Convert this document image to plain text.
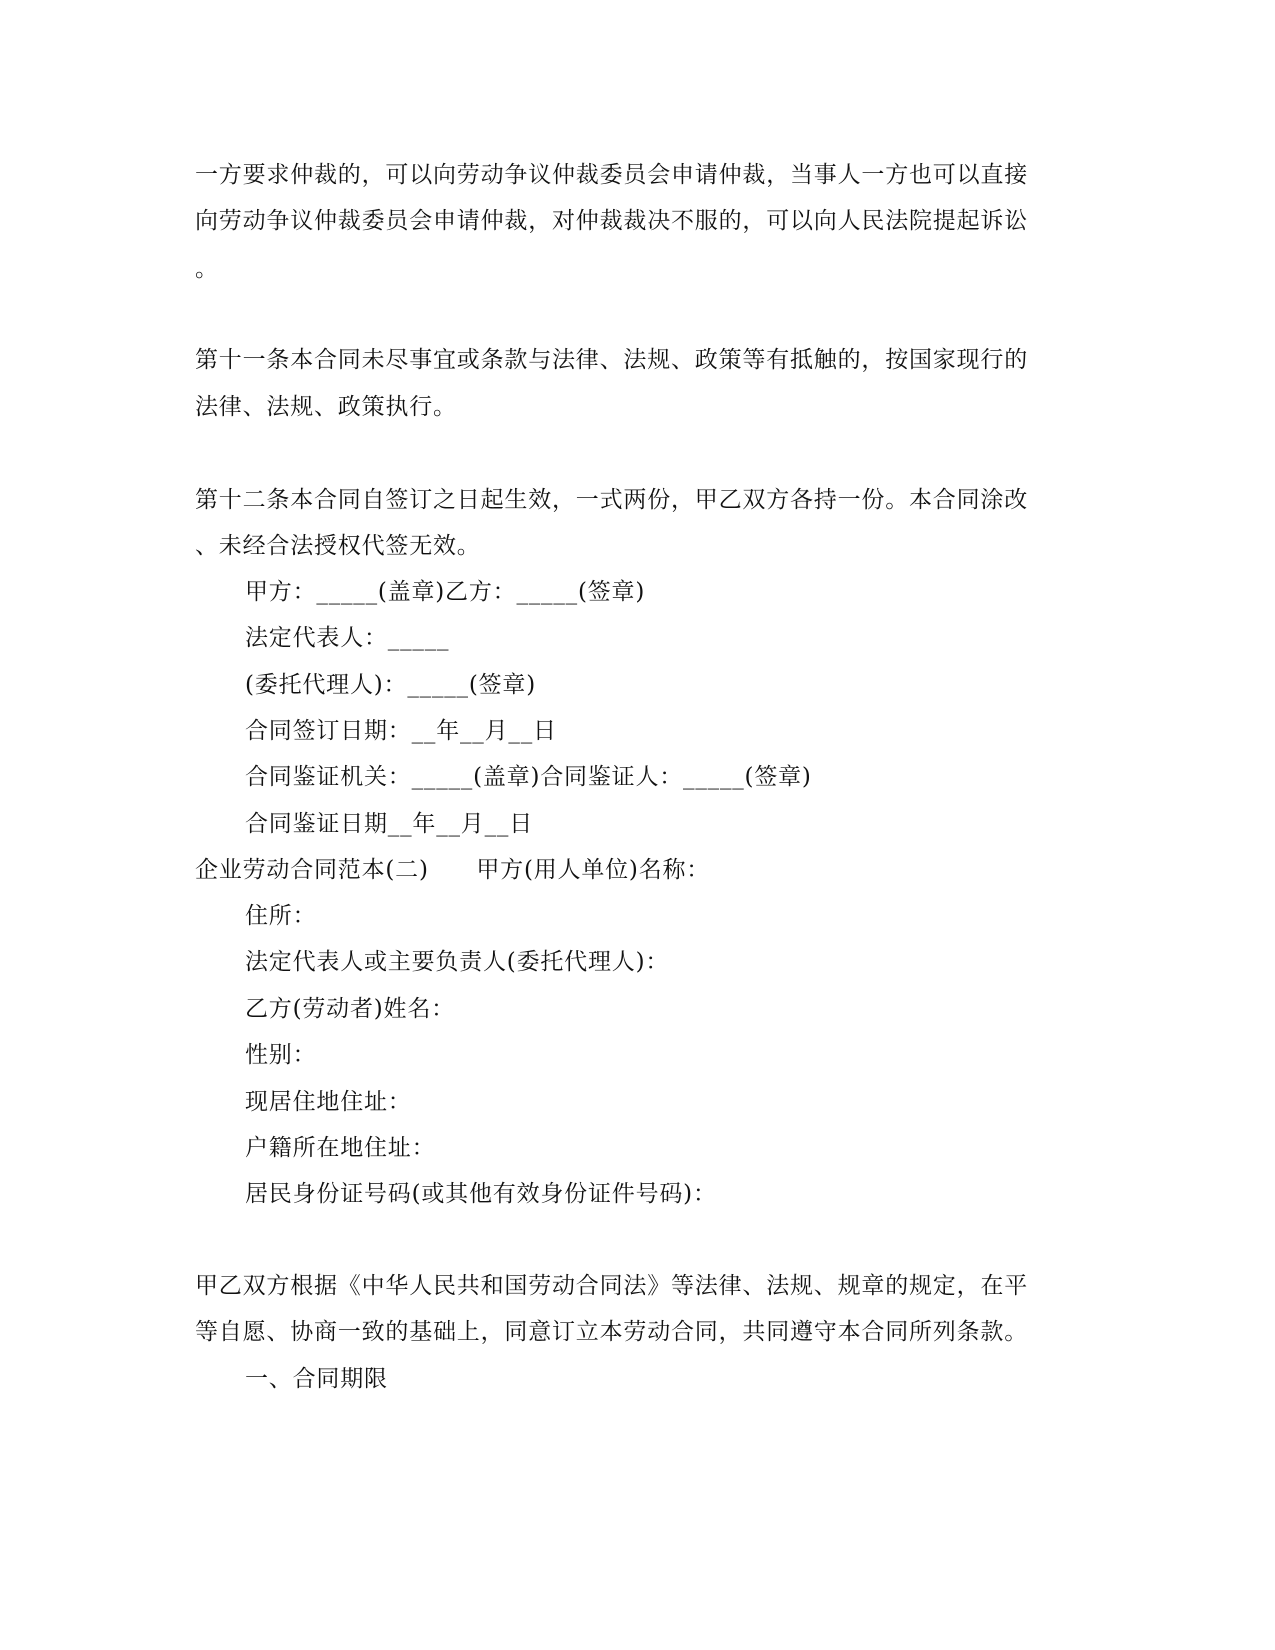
一方要求仲裁的，可以向劳动争议仲裁委员会申请仲裁，当事人一方也可以直接
向劳动争议仲裁委员会申请仲裁，对仲裁裁决不服的，可以向人民法院提起诉讼
。
第十一条本合同未尽事宜或条款与法律、法规、政策等有抵触的，按国家现行的
法律、法规、政策执行。
第十二条本合同自签订之日起生效，一式两份，甲乙双方各持一份。本合同涂改
、未经合法授权代签无效。
甲方：_____(盖章)乙方：_____(签章)
法定代表人：_____
(委托代理人)：_____(签章)
合同签订日期：__年__月__日
合同鉴证机关：_____(盖章)合同鉴证人：_____(签章)
合同鉴证日期__年__月__日
企业劳动合同范本(二)　　甲方(用人单位)名称：
住所：
法定代表人或主要负责人(委托代理人)：
乙方(劳动者)姓名：
性别：
现居住地住址：
户籍所在地住址：
居民身份证号码(或其他有效身份证件号码)：
甲乙双方根据《中华人民共和国劳动合同法》等法律、法规、规章的规定，在平
等自愿、协商一致的基础上，同意订立本劳动合同，共同遵守本合同所列条款。
一、合同期限
